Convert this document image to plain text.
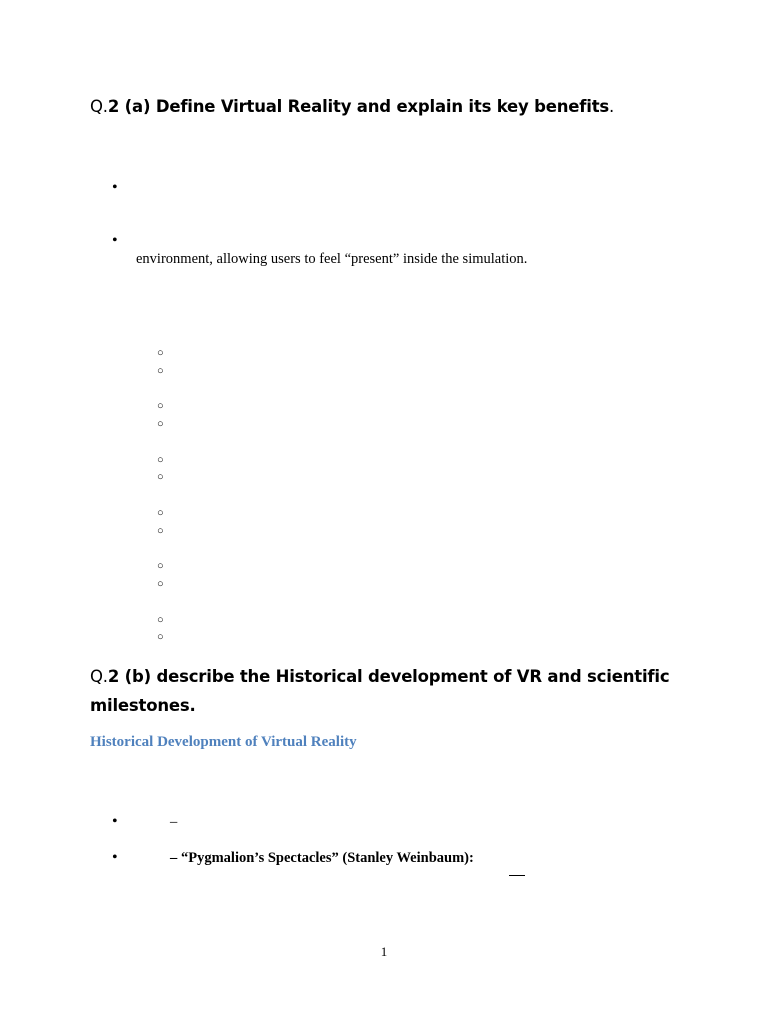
Q.2 (a) Define Virtual Reality and explain its key benefits.
•
•

environment, allowing users to feel “present” inside the simulation.

○
○
○
○
○
○
○
○
○
○
○
○
Q.2 (b) describe the Historical development of VR and scientific
milestones.
Historical Development of Virtual Reality
•	–
•	– “Pygmalion’s Spectacles” (Stanley Weinbaum):
1
